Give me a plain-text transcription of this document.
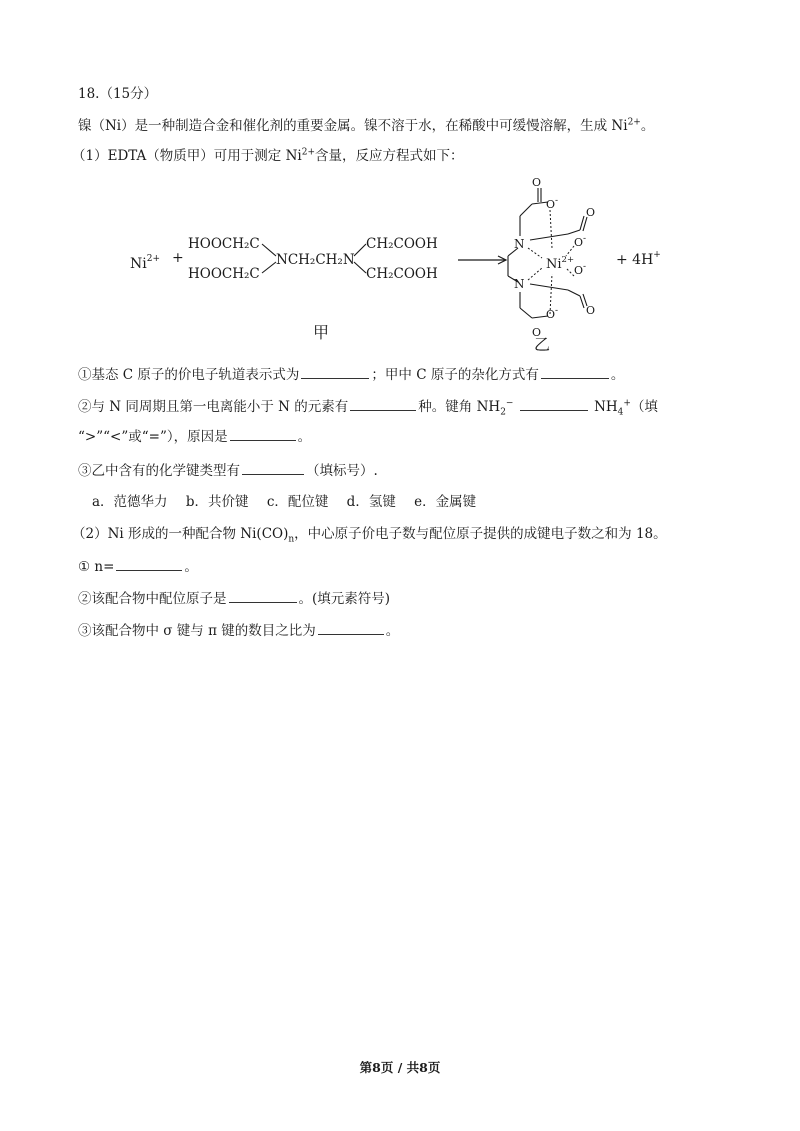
18.（15分）
镍（Ni）是一种制造合金和催化剂的重要金属。镍不溶于水，在稀酸中可缓慢溶解，生成 $Ni^{2+}$。
（1）EDTA（物质甲）可用于测定 $Ni^{2+}$含量，反应方程式如下：
$Ni^{2+}$ +
HOOCH₂C
HOOCH₂C
NCH₂CH₂N
CH₂COOH
CH₂COOH
甲
O
O-
N
N
$Ni^{2+}$
O
O-
O-
O
O-
O
+ 4H+
乙
①基态 C 原子的价电子轨道表示式为	；甲中 C 原子的杂化方式有	。
②与 N 同周期且第一电离能小于 N 的元素有	种。键角 $NH_2^-$	$NH_4^+$（填
“>”“<”或“=”），原因是	。
③乙中含有的化学键类型有	（填标号）.
a．范德华力 b．共价键 c．配位键 d．氢键 e．金属键
（2）Ni 形成的一种配合物 $Ni(CO)_n$，中心原子价电子数与配位原子提供的成键电子数之和为 18。
① n=	。
②该配合物中配位原子是	。(填元素符号)
③该配合物中 σ 键与 π 键的数目之比为	。
第8页 / 共8页
